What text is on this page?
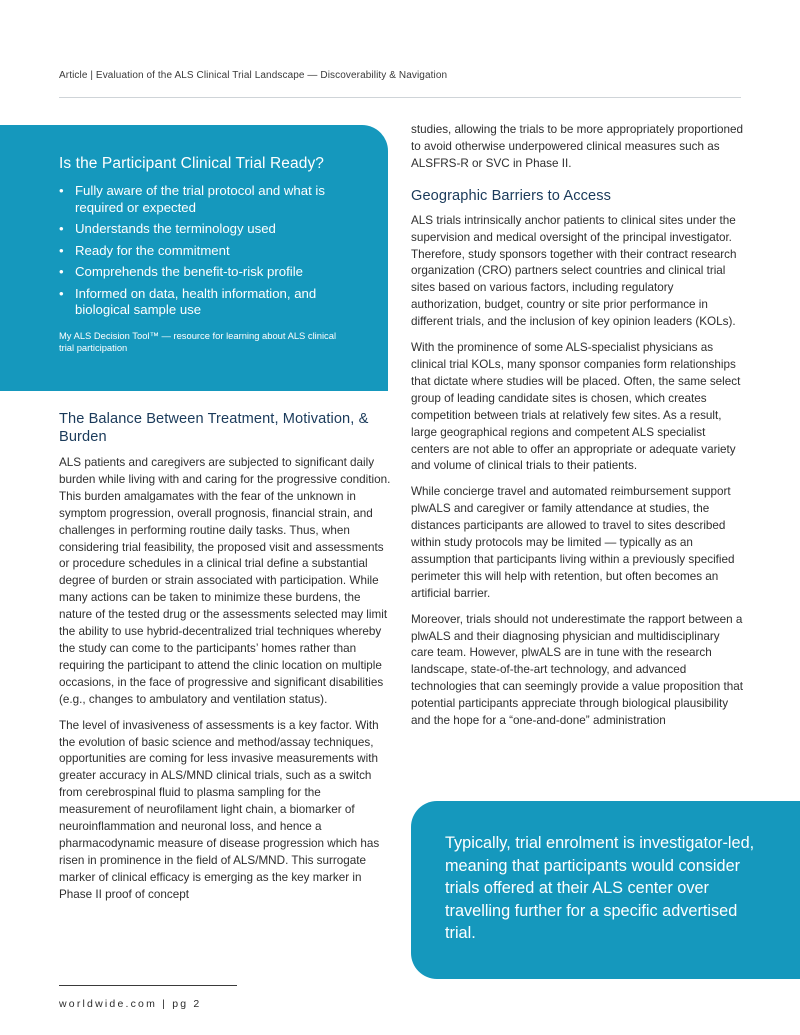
Article | Evaluation of the ALS Clinical Trial Landscape — Discoverability & Navigation
Is the Participant Clinical Trial Ready?
• Fully aware of the trial protocol and what is required or expected
• Understands the terminology used
• Ready for the commitment
• Comprehends the benefit-to-risk profile
• Informed on data, health information, and biological sample use

My ALS Decision Tool™ — resource for learning about ALS clinical trial participation

The Balance Between Treatment, Motivation, & Burden

ALS patients and caregivers are subjected to significant daily burden while living with and caring for the progressive condition. This burden amalgamates with the fear of the unknown in symptom progression, overall prognosis, financial strain, and challenges in performing routine daily tasks. Thus, when considering trial feasibility, the proposed visit and assessments or procedure schedules in a clinical trial define a substantial degree of burden or strain associated with participation. While many actions can be taken to minimize these burdens, the nature of the tested drug or the assessments selected may limit the ability to use hybrid-decentralized trial techniques whereby the study can come to the participants’ homes rather than requiring the participant to attend the clinic location on multiple occasions, in the face of progressive and significant disabilities (e.g., changes to ambulatory and ventilation status).

The level of invasiveness of assessments is a key factor. With the evolution of basic science and method/assay techniques, opportunities are coming for less invasive measurements with greater accuracy in ALS/MND clinical trials, such as a switch from cerebrospinal fluid to plasma sampling for the measurement of neurofilament light chain, a biomarker of neuroinflammation and neuronal loss, and hence a pharmacodynamic measure of disease progression which has risen in prominence in the field of ALS/MND. This surrogate marker of clinical efficacy is emerging as the key marker in Phase II proof of concept

studies, allowing the trials to be more appropriately proportioned to avoid otherwise underpowered clinical measures such as ALSFRS-R or SVC in Phase II.

Geographic Barriers to Access

ALS trials intrinsically anchor patients to clinical sites under the supervision and medical oversight of the principal investigator. Therefore, study sponsors together with their contract research organization (CRO) partners select countries and clinical trial sites based on various factors, including regulatory authorization, budget, country or site prior performance in different trials, and the inclusion of key opinion leaders (KOLs).

With the prominence of some ALS-specialist physicians as clinical trial KOLs, many sponsor companies form relationships that dictate where studies will be placed. Often, the same select group of leading candidate sites is chosen, which creates competition between trials at relatively few sites. As a result, large geographical regions and competent ALS specialist centers are not able to offer an appropriate or adequate variety and volume of clinical trials to their patients.

While concierge travel and automated reimbursement support plwALS and caregiver or family attendance at studies, the distances participants are allowed to travel to sites described within study protocols may be limited — typically as an assumption that participants living within a previously specified perimeter this will help with retention, but often becomes an artificial barrier.

Moreover, trials should not underestimate the rapport between a plwALS and their diagnosing physician and multidisciplinary care team. However, plwALS are in tune with the research landscape, state-of-the-art technology, and advanced technologies that can seemingly provide a value proposition that potential participants appreciate through biological plausibility and the hope for a “one-and-done” administration

Typically, trial enrolment is investigator-led, meaning that participants would consider trials offered at their ALS center over travelling further for a specific advertised trial.

worldwide.com | pg 2
